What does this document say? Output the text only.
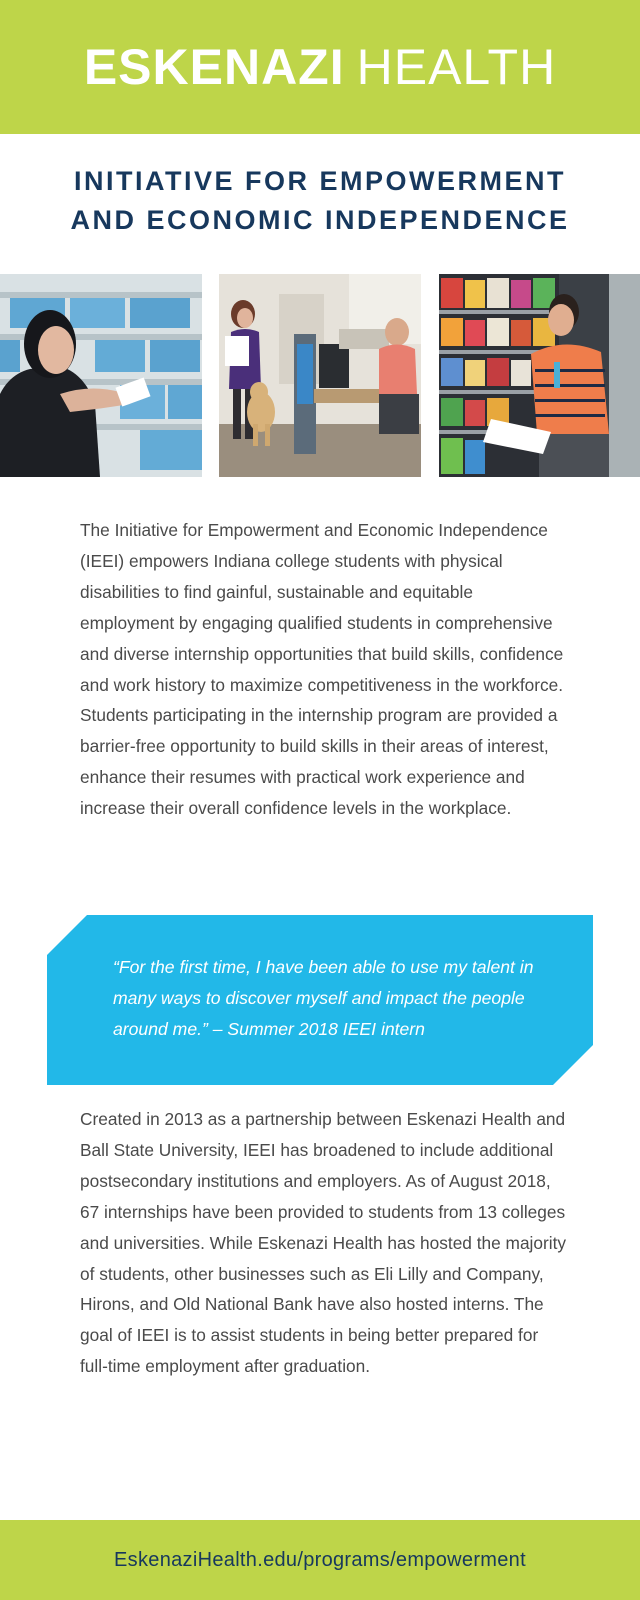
ESKENAZI HEALTH
INITIATIVE FOR EMPOWERMENT
AND ECONOMIC INDEPENDENCE
The Initiative for Empowerment and Economic Independence (IEEI) empowers Indiana college students with physical disabilities to find gainful, sustainable and equitable employment by engaging qualified students in comprehensive and diverse internship opportunities that build skills, confidence and work history to maximize competitiveness in the workforce. Students participating in the internship program are provided a barrier-free opportunity to build skills in their areas of interest, enhance their resumes with practical work experience and increase their overall confidence levels in the workplace.
“For the first time, I have been able to use my talent in many ways to discover myself and impact the people around me.” – Summer 2018 IEEI intern
Created in 2013 as a partnership between Eskenazi Health and Ball State University, IEEI has broadened to include additional postsecondary institutions and employers. As of August 2018, 67 internships have been provided to students from 13 colleges and universities. While Eskenazi Health has hosted the majority of students, other businesses such as Eli Lilly and Company, Hirons, and Old National Bank have also hosted interns. The goal of IEEI is to assist students in being better prepared for full-time employment after graduation.
EskenaziHealth.edu/programs/empowerment
